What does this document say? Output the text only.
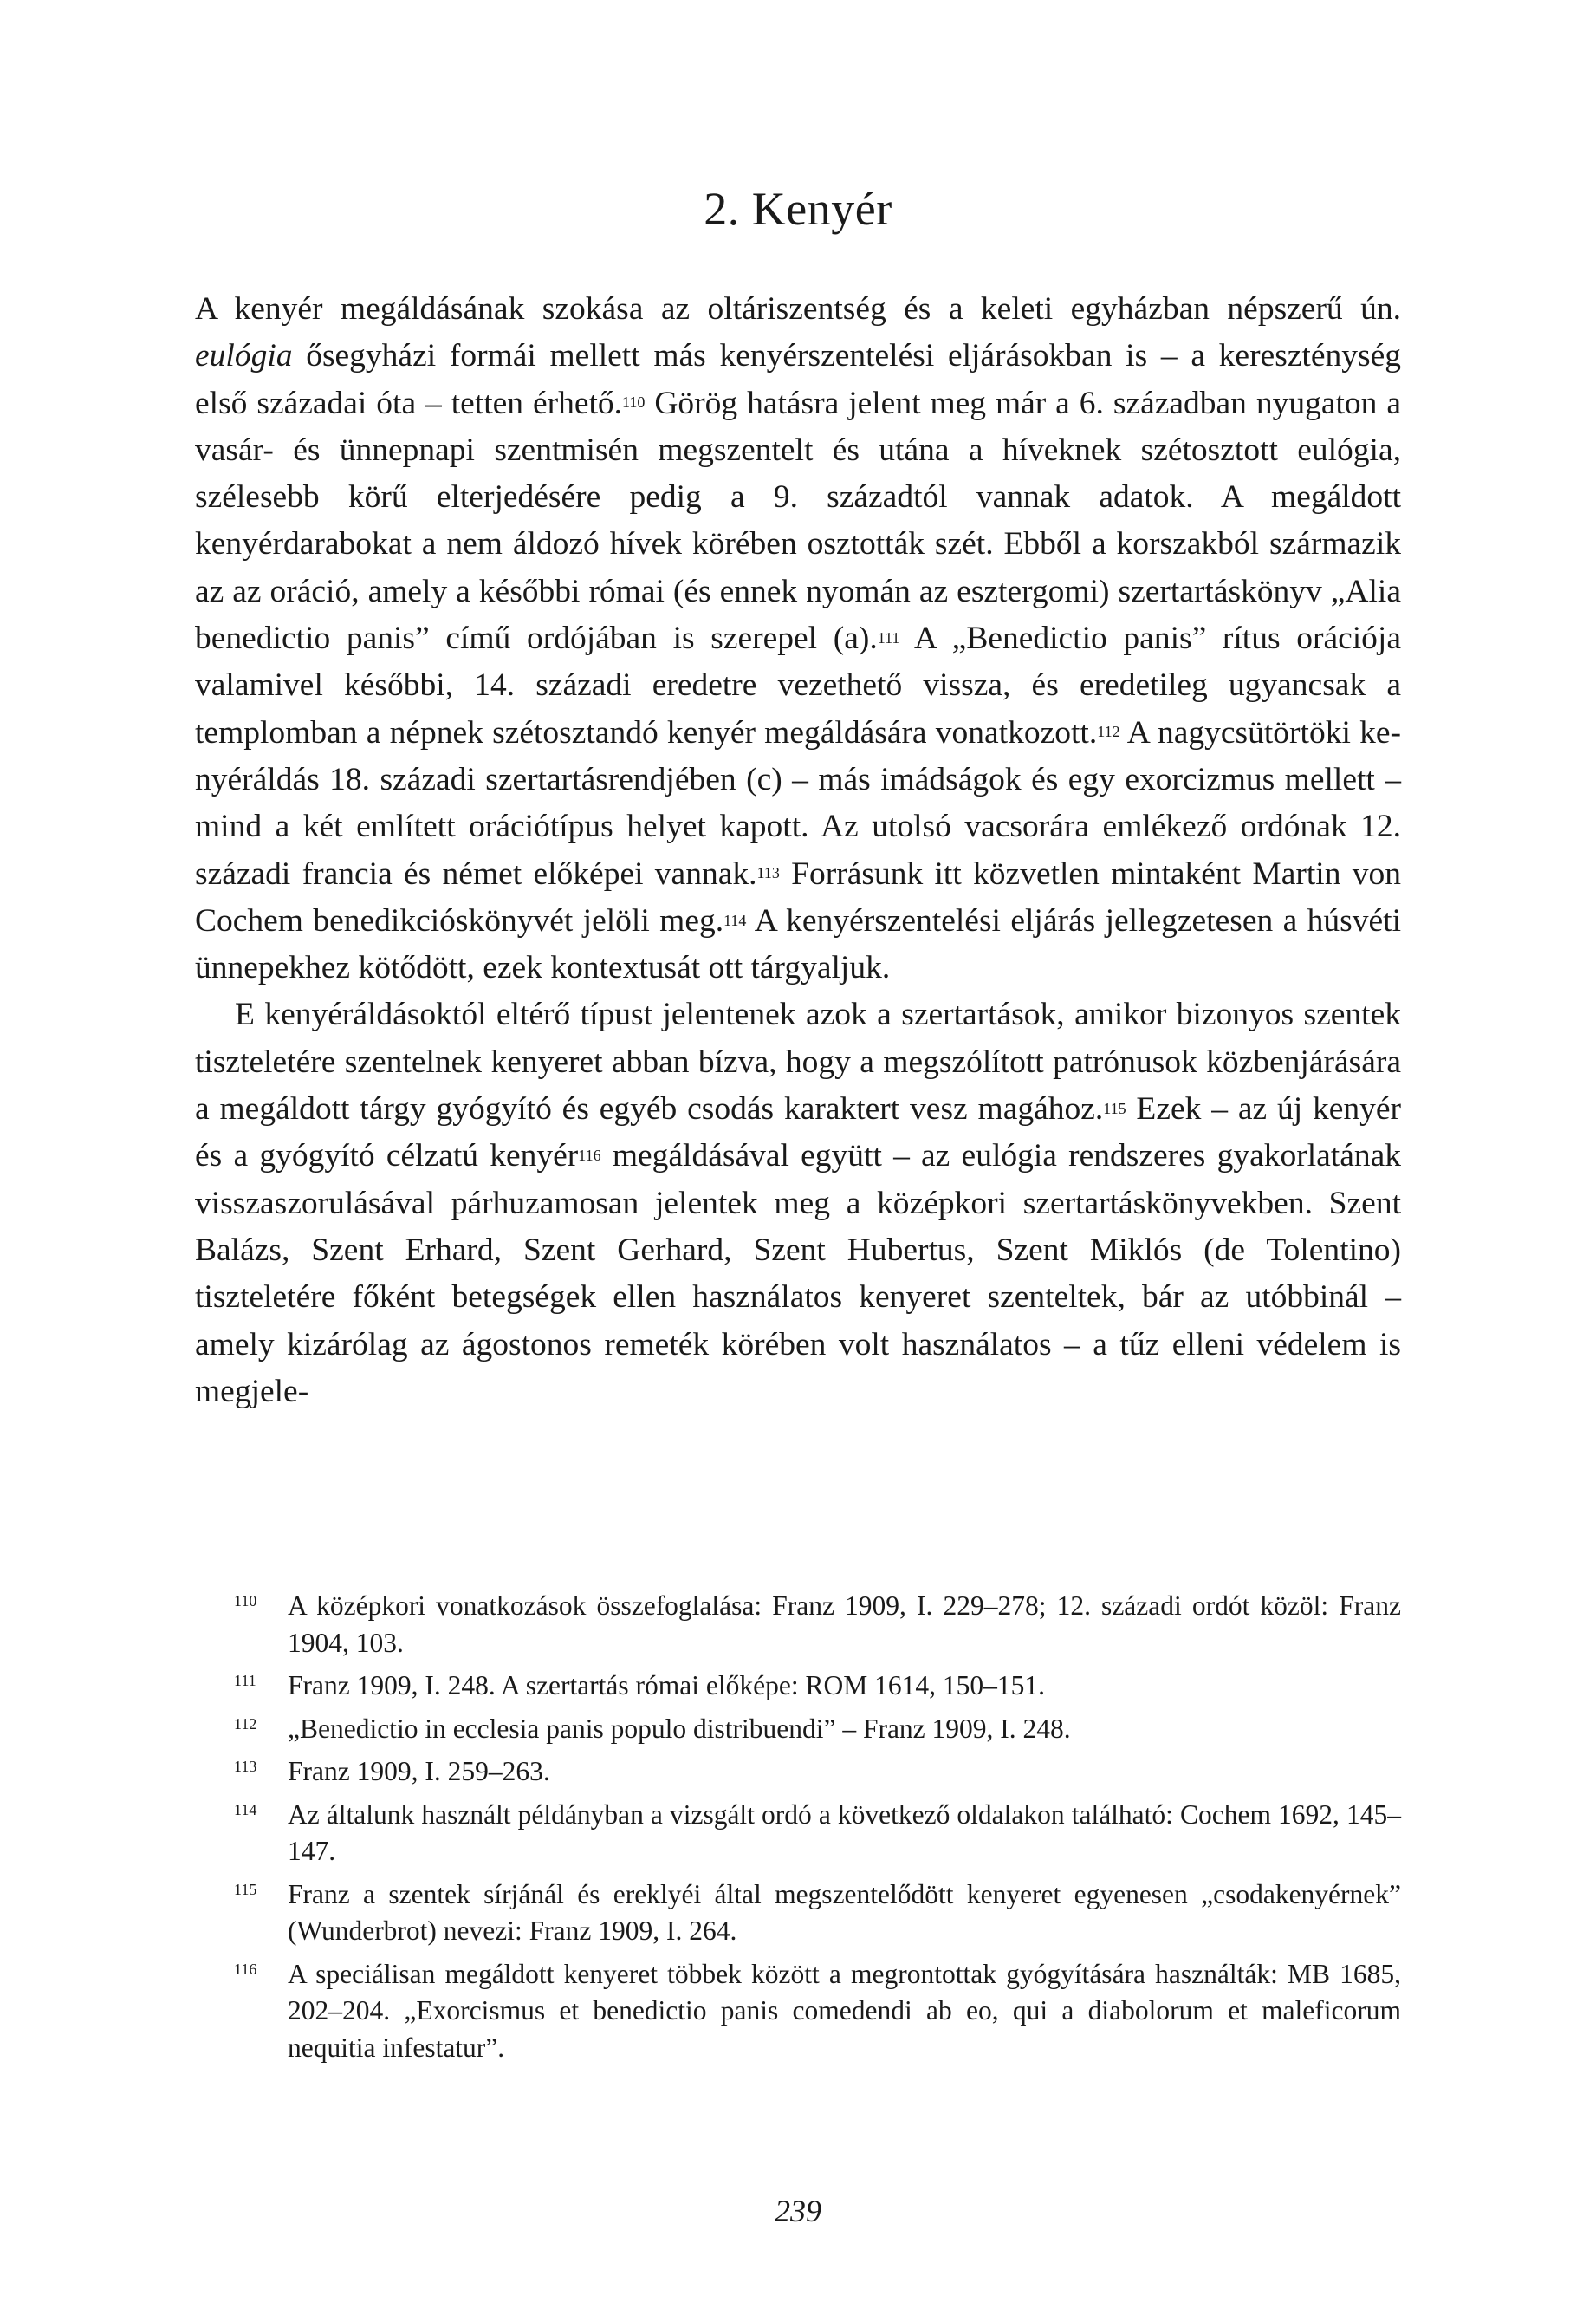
2. Kenyér

A kenyér megáldásának szokása az oltáriszentség és a keleti egyházban népszerű ún. eulógia ősegyházi formái mellett más kenyérszentelési eljárásokban is – a kereszténység első századai óta – tetten érhető.$^{110}$ Görög hatásra jelent meg már a 6. században nyugaton a vasár- és ünnepnapi szentmisén megszentelt és utána a híveknek szétosztott eulógia, szélesebb körű elterjedésére pedig a 9. századtól vannak adatok. A megáldott kenyérdarabokat a nem áldozó hívek körében osztották szét. Ebből a korszakból származik az az oráció, amely a későbbi római (és ennek nyomán az esztergomi) szertartáskönyv „Alia benedictio panis” című ordójában is szerepel (a).$^{111}$ A „Benedictio panis” rítus orációja valamivel későbbi, 14. századi eredetre vezethető vissza, és eredetileg ugyancsak a templomban a népnek szétosztandó kenyér megáldására vonatkozott.$^{112}$ A nagycsütörtöki kenyéráldás 18. századi szertartásrendjében (c) – más imádságok és egy exorcizmus mellett – mind a két említett orációtípus helyet kapott. Az utolsó vacsorára emlékező ordónak 12. századi francia és német előképei vannak.$^{113}$ Forrásunk itt közvetlen mintaként Martin von Cochem benedikcióskönyvét jelöli meg.$^{114}$ A kenyérszentelési eljárás jellegzetesen a húsvéti ünnepekhez kötődött, ezek kontextusát ott tárgyaljuk.

E kenyéráldásoktól eltérő típust jelentenek azok a szertartások, amikor bizonyos szentek tiszteletére szentelnek kenyeret abban bízva, hogy a megszólított patrónusok közbenjárására a megáldott tárgy gyógyító és egyéb csodás karaktert vesz magához.$^{115}$ Ezek – az új kenyér és a gyógyító célzatú kenyér$^{116}$ megáldásával együtt – az eulógia rendszeres gyakorlatának visszaszorulásával párhuzamosan jelentek meg a középkori szertartáskönyvekben. Szent Balázs, Szent Erhard, Szent Gerhard, Szent Hubertus, Szent Miklós (de Tolentino) tiszteletére főként betegségek ellen használatos kenyeret szenteltek, bár az utóbbinál – amely kizárólag az ágostonos remeték körében volt használatos – a tűz elleni védelem is megjele-

110 A középkori vonatkozások összefoglalása: Franz 1909, I. 229–278; 12. századi ordót közöl: Franz 1904, 103.
111 Franz 1909, I. 248. A szertartás római előképe: ROM 1614, 150–151.
112 „Benedictio in ecclesia panis populo distribuendi” – Franz 1909, I. 248.
113 Franz 1909, I. 259–263.
114 Az általunk használt példányban a vizsgált ordó a következő oldalakon található: Cochem 1692, 145–147.
115 Franz a szentek sírjánál és ereklyéi által megszentelődött kenyeret egyenesen „csodakenyérnek” (Wunderbrot) nevezi: Franz 1909, I. 264.
116 A speciálisan megáldott kenyeret többek között a megrontottak gyógyítására használták: MB 1685, 202–204. „Exorcismus et benedictio panis comedendi ab eo, qui a diabolorum et maleficorum nequitia infestatur”.
239
